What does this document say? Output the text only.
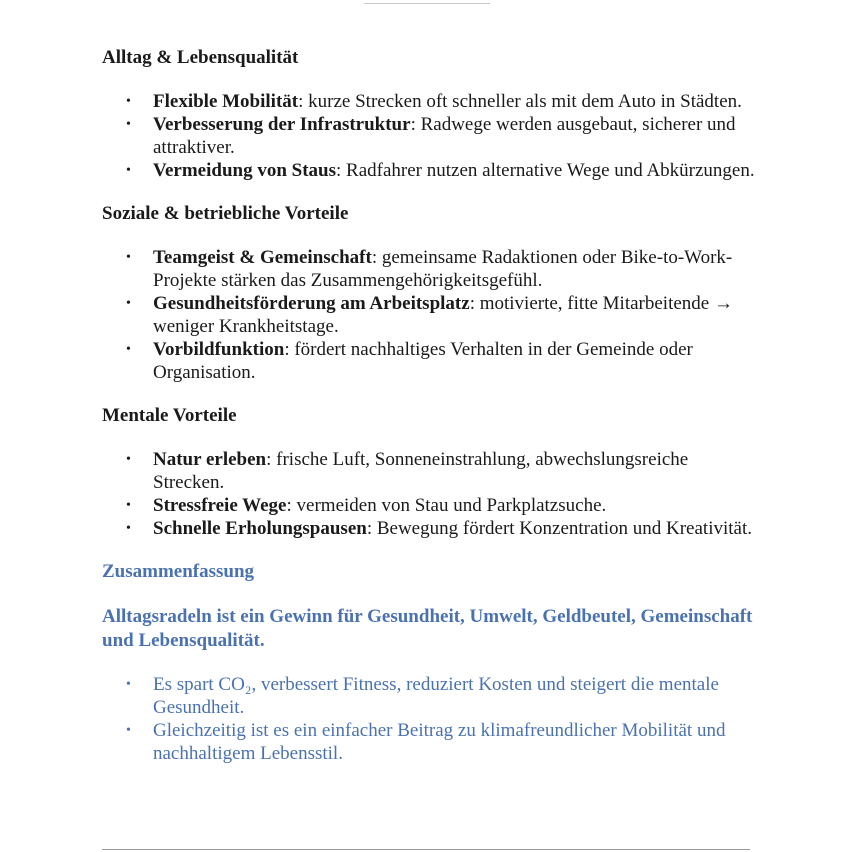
Alltag & Lebensqualität
• Flexible Mobilität: kurze Strecken oft schneller als mit dem Auto in Städten.
• Verbesserung der Infrastruktur: Radwege werden ausgebaut, sicherer und attraktiver.
• Vermeidung von Staus: Radfahrer nutzen alternative Wege und Abkürzungen.
Soziale & betriebliche Vorteile
• Teamgeist & Gemeinschaft: gemeinsame Radaktionen oder Bike-to-Work-Projekte stärken das Zusammengehörigkeitsgefühl.
• Gesundheitsförderung am Arbeitsplatz: motivierte, fitte Mitarbeitende → weniger Krankheitstage.
• Vorbildfunktion: fördert nachhaltiges Verhalten in der Gemeinde oder Organisation.
Mentale Vorteile
• Natur erleben: frische Luft, Sonneneinstrahlung, abwechslungsreiche Strecken.
• Stressfreie Wege: vermeiden von Stau und Parkplatzsuche.
• Schnelle Erholungspausen: Bewegung fördert Konzentration und Kreativität.
Zusammenfassung
Alltagsradeln ist ein Gewinn für Gesundheit, Umwelt, Geldbeutel, Gemeinschaft und Lebensqualität.
• Es spart CO₂, verbessert Fitness, reduziert Kosten und steigert die mentale Gesundheit.
• Gleichzeitig ist es ein einfacher Beitrag zu klimafreundlicher Mobilität und nachhaltigem Lebensstil.
